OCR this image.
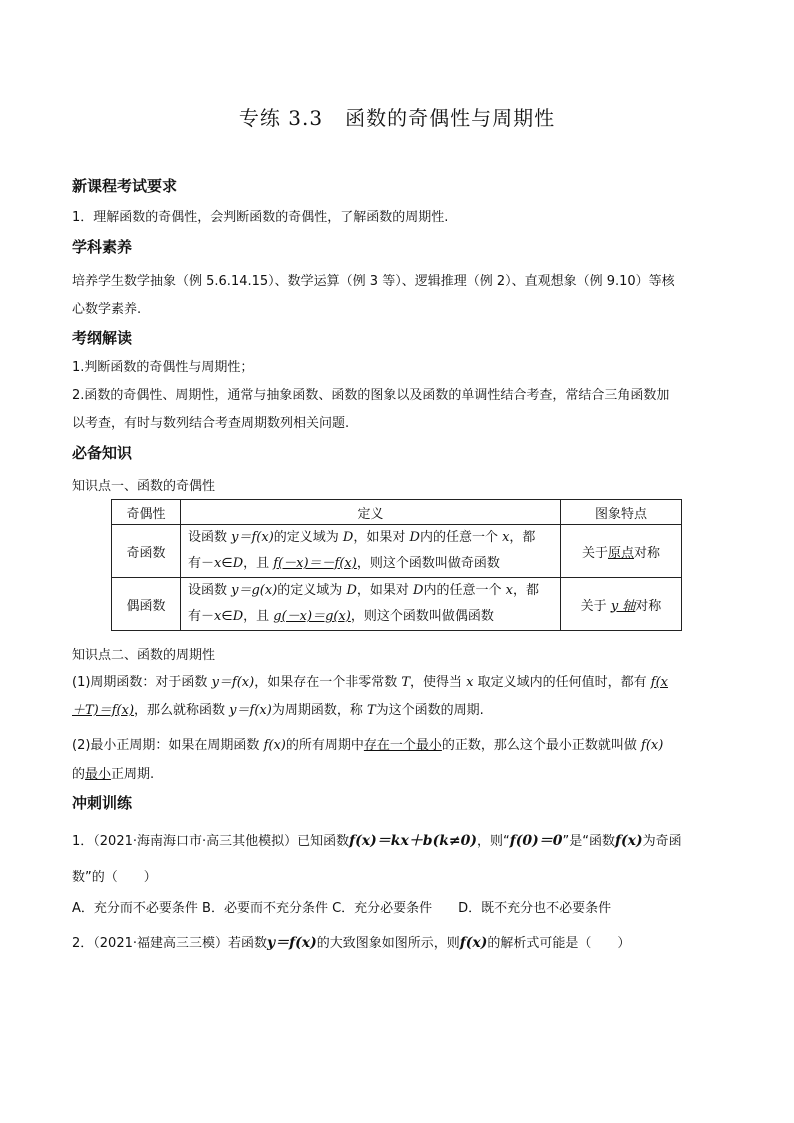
专练 3.3 函数的奇偶性与周期性
新课程考试要求
1．理解函数的奇偶性，会判断函数的奇偶性，了解函数的周期性.
学科素养
培养学生数学抽象（例 5.6.14.15）、数学运算（例 3 等）、逻辑推理（例 2）、直观想象（例 9.10）等核
心数学素养.
考纲解读
1.判断函数的奇偶性与周期性；
2.函数的奇偶性、周期性，通常与抽象函数、函数的图象以及函数的单调性结合考查，常结合三角函数加
以考查，有时与数列结合考查周期数列相关问题.
必备知识
知识点一、函数的奇偶性
奇偶性	定义	图象特点
奇函数	设函数 y＝f(x)的定义域为 D，如果对 D内的任意一个 x，都
有－x∈D，且 f(－x)＝－f(x)，则这个函数叫做奇函数	关于原点对称
偶函数	设函数 y＝g(x)的定义域为 D，如果对 D内的任意一个 x，都
有－x∈D，且 g(－x)＝g(x)，则这个函数叫做偶函数	关于 y 轴对称
知识点二、函数的周期性
(1)周期函数：对于函数 y＝f(x)，如果存在一个非零常数 T，使得当 x 取定义域内的任何值时，都有 f(x
＋T)＝f(x)，那么就称函数 y＝f(x)为周期函数，称 T为这个函数的周期.
(2)最小正周期：如果在周期函数 f(x)的所有周期中存在一个最小的正数，那么这个最小正数就叫做 f(x)
的最小正周期.
冲刺训练
1．（2021·海南海口市·高三其他模拟）已知函数f(x)＝kx＋b(k≠0)，则“f(0)＝0”是“函数f(x)为奇函
数”的（　　）
A．充分而不必要条件 B．必要而不充分条件 C．充分必要条件　　D．既不充分也不必要条件
2．（2021·福建高三三模）若函数y＝f(x)的大致图象如图所示，则f(x)的解析式可能是（　　）
